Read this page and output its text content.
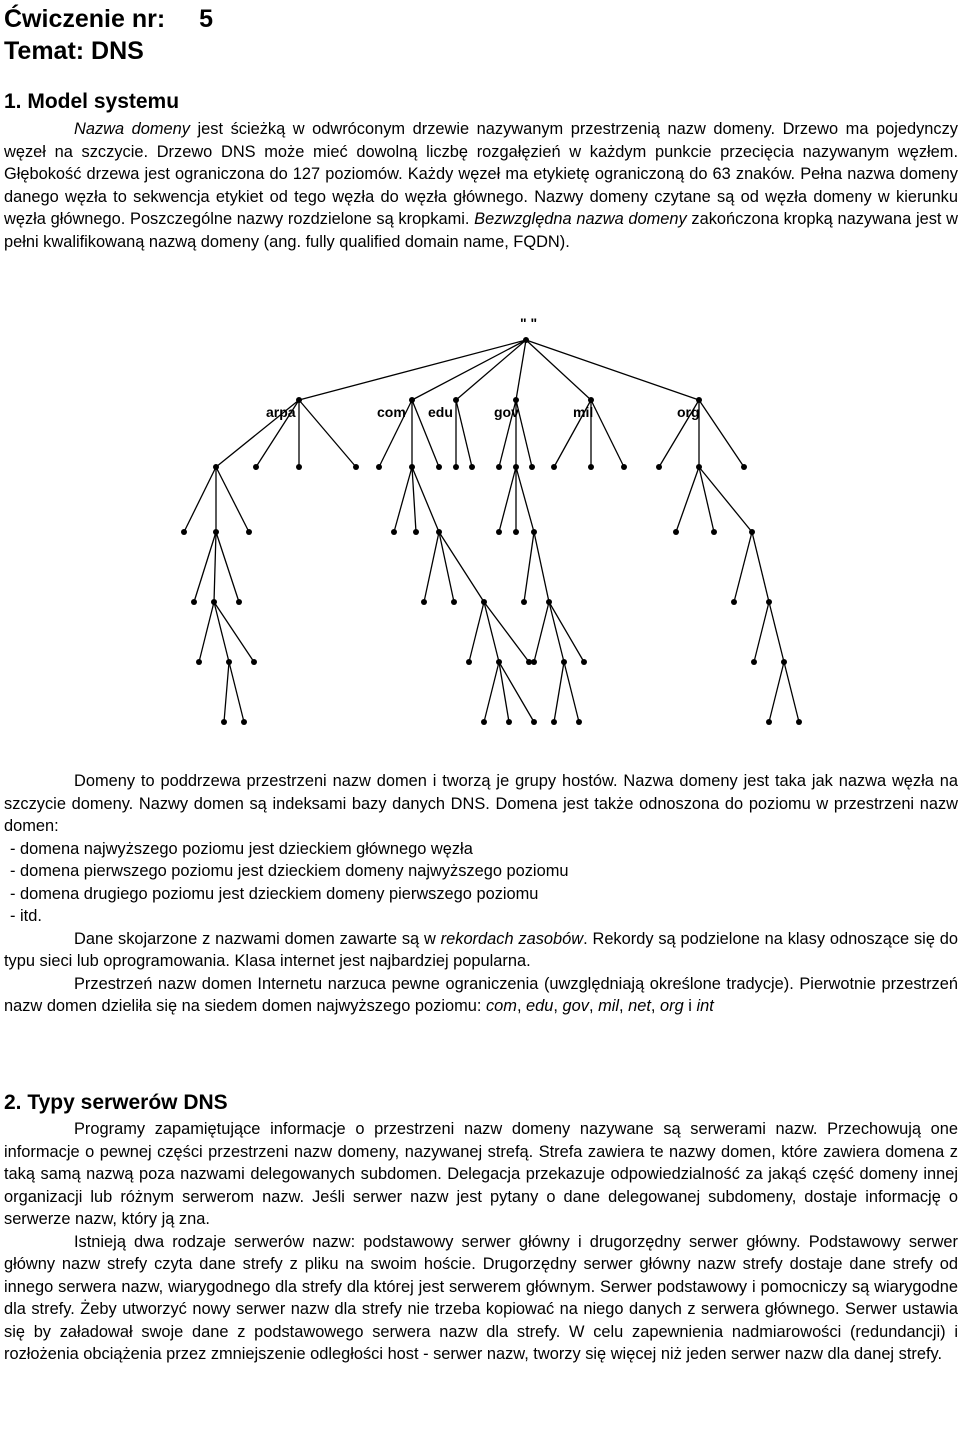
Ćwiczenie nr: 5
Temat: DNS
1. Model systemu

Nazwa domeny jest ścieżką w odwróconym drzewie nazywanym przestrzenią nazw domeny. Drzewo ma pojedynczy węzeł na szczycie. Drzewo DNS może mieć dowolną liczbę rozgałęzień w każdym punkcie przecięcia nazywanym węzłem. Głębokość drzewa jest ograniczona do 127 poziomów. Każdy węzeł ma etykietę ograniczoną do 63 znaków. Pełna nazwa domeny danego węzła to sekwencja etykiet od tego węzła do węzła głównego. Nazwy domeny czytane są od węzła domeny w kierunku węzła głównego. Poszczególne nazwy rozdzielone są kropkami. Bezwzględna nazwa domeny zakończona kropką nazywana jest w pełni kwalifikowaną nazwą domeny (ang. fully qualified domain name, FQDN).

" "
arpa	com edu	gov	mil	org

Domeny to poddrzewa przestrzeni nazw domen i tworzą je grupy hostów. Nazwa domeny jest taka jak nazwa węzła na szczycie domeny. Nazwy domen są indeksami bazy danych DNS. Domena jest także odnoszona do poziomu w przestrzeni nazw domen:

- domena najwyższego poziomu jest dzieckiem głównego węzła
- domena pierwszego poziomu jest dzieckiem domeny najwyższego poziomu
- domena drugiego poziomu jest dzieckiem domeny pierwszego poziomu
- itd.

Dane skojarzone z nazwami domen zawarte są w rekordach zasobów. Rekordy są podzielone na klasy odnoszące się do typu sieci lub oprogramowania. Klasa internet jest najbardziej popularna.

Przestrzeń nazw domen Internetu narzuca pewne ograniczenia (uwzględniają określone tradycje). Pierwotnie przestrzeń nazw domen dzieliła się na siedem domen najwyższego poziomu: com, edu, gov, mil, net, org i int

2. Typy serwerów DNS

Programy zapamiętujące informacje o przestrzeni nazw domeny nazywane są serwerami nazw. Przechowują one informacje o pewnej części przestrzeni nazw domeny, nazywanej strefą. Strefa zawiera te nazwy domen, które zawiera domena z taką samą nazwą poza nazwami delegowanych subdomen. Delegacja przekazuje odpowiedzialność za jakąś część domeny innej organizacji lub różnym serwerom nazw. Jeśli serwer nazw jest pytany o dane delegowanej subdomeny, dostaje informację o serwerze nazw, który ją zna.

Istnieją dwa rodzaje serwerów nazw: podstawowy serwer główny i drugorzędny serwer główny. Podstawowy serwer główny nazw strefy czyta dane strefy z pliku na swoim hoście. Drugorzędny serwer główny nazw strefy dostaje dane strefy od innego serwera nazw, wiarygodnego dla strefy dla której jest serwerem głównym. Serwer podstawowy i pomocniczy są wiarygodne dla strefy. Żeby utworzyć nowy serwer nazw dla strefy nie trzeba kopiować na niego danych z serwera głównego. Serwer ustawia się by załadował swoje dane z podstawowego serwera nazw dla strefy. W celu zapewnienia nadmiarowości (redundancji) i rozłożenia obciążenia przez zmniejszenie odległości host - serwer nazw, tworzy się więcej niż jeden serwer nazw dla danej strefy.
